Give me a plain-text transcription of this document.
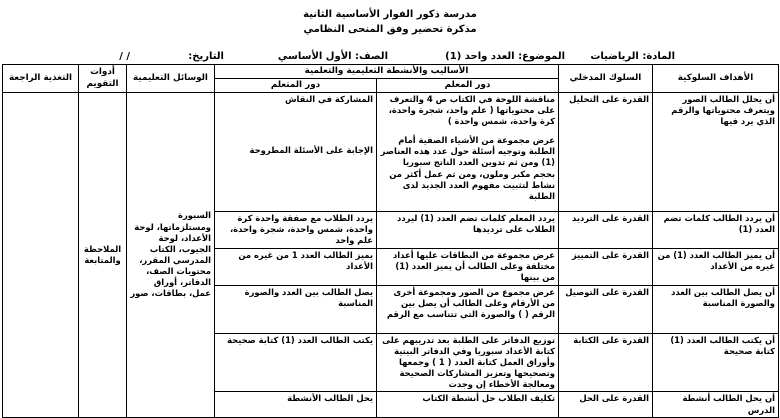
مدرسة ذكور الفوار الأساسية الثانية
مذكرة تحضير وفق المنحى النظامي
المادة: الرياضيات
الموضوع: العدد واحد (1)
الصف: الأول الأساسي
التاريخ:
/ /
الأهداف السلوكية	السلوك المدخلي	الأساليب والأنشطة التعليمية والتعلمية		الوسائل التعليمية	أدوات التقويم	التغذية الراجعة
		دور المعلم	دور المتعلم			
أن يحلل الطالب الصور ويتعرف محتوياتها والرقم الذي يرد فيها	القدرة على التحليل	مناقشة اللوحة في الكتاب ص 4 والتعرف على محتوياتها ( علم واحد، شجرة واحدة، كرة واحدة، شمس واحدة )
عرض مجموعة من الأشياء الصفية أمام الطلبة وتوجيه أسئلة حول عدد هذه العناصر (1) ومن ثم تدوين العدد الناتج سبوريا بحجم مكبر وملون، ومن ثم عمل أكثر من نشاط لتثبيت مفهوم العدد الجديد لدى الطلبة	المشاركة في النقاش
الإجابة على الأسئلة المطروحة	السبورة ومستلزماتها، لوحة الأعداد، لوحة الجيوب، الكتاب المدرسي المقرر، محتويات الصف، الدفاتر، أوراق عمل، بطاقات، صور	الملاحظة والمتابعة	
أن يردد الطالب كلمات تضم العدد (1)	القدرة على الترديد	يردد المعلم كلمات تضم العدد (1) ليردد الطلاب على ترديدها	يردد الطلاب مع صفقة واحدة كرة واحدة، شمس واحدة، شجرة واحدة، علم واحد			
أن يميز الطالب العدد (1) من غيره من الأعداد	القدرة على التمييز	عرض مجموعة من البطاقات عليها أعداد مختلفة وعلى الطالب أن يميز العدد (1) من بينها	يميز الطالب العدد 1 من غيره من الأعداد			
أن يصل الطالب بين العدد والصورة المناسبة	القدرة على التوصيل	عرض مجموع من الصور ومجموعة أخرى من الأرقام وعلى الطالب أن يصل بين الرقم ( ) والصورة التي تتناسب مع الرقم	يصل الطالب بين العدد والصورة المناسبة			
أن يكتب الطالب العدد (1) كتابة صحيحة	القدرة على الكتابة	توزيع الدفاتر على الطلبة بعد تدريبهم على كتابة الأعداد سبوريا وفي الدفاتر البيتية وأوراق العمل كتابة العدد ( 1 ) وجمعها وتصحيحها وتعزيز المشاركات الصحيحة ومعالجة الأخطاء إن وجدت	يكتب الطالب العدد (1) كتابة صحيحة			
أن يحل الطالب أنشطة الدرس	القدرة على الحل	تكليف الطلاب حل أنشطة الكتاب	يحل الطالب الأنشطة			
